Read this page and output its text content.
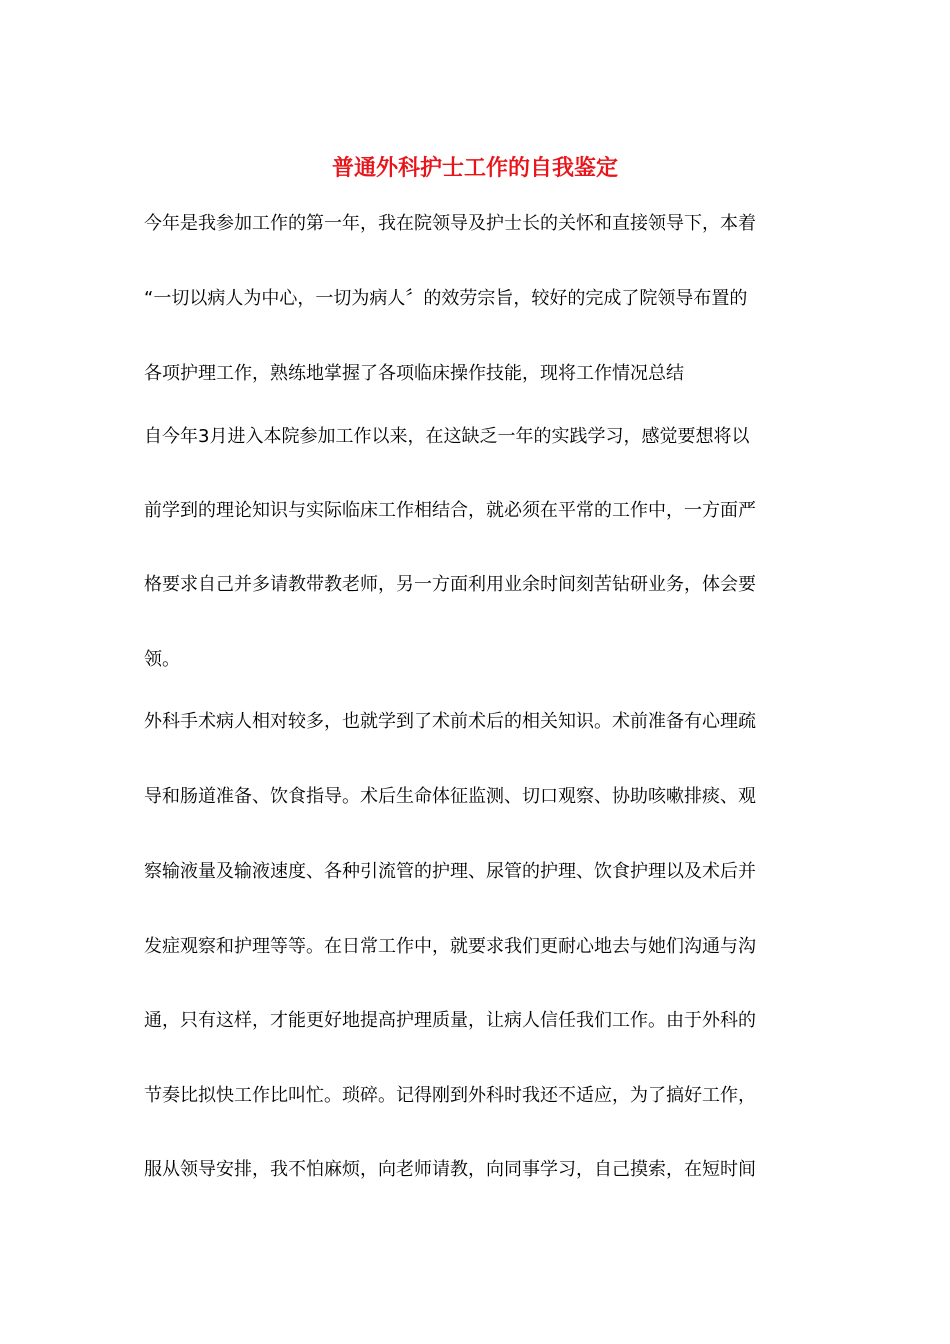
普通外科护士工作的自我鉴定

今年是我参加工作的第一年，我在院领导及护士长的关怀和直接领导下，本着

“一切以病人为中心，一切为病人〞的效劳宗旨，较好的完成了院领导布置的

各项护理工作，熟练地掌握了各项临床操作技能，现将工作情况总结

自今年3月进入本院参加工作以来，在这缺乏一年的实践学习，感觉要想将以

前学到的理论知识与实际临床工作相结合，就必须在平常的工作中，一方面严

格要求自己并多请教带教老师，另一方面利用业余时间刻苦钻研业务，体会要

领。

外科手术病人相对较多，也就学到了术前术后的相关知识。术前准备有心理疏

导和肠道准备、饮食指导。术后生命体征监测、切口观察、协助咳嗽排痰、观

察输液量及输液速度、各种引流管的护理、尿管的护理、饮食护理以及术后并

发症观察和护理等等。在日常工作中，就要求我们更耐心地去与她们沟通与沟

通，只有这样，才能更好地提高护理质量，让病人信任我们工作。由于外科的

节奏比拟快工作比叫忙。琐碎。记得刚到外科时我还不适应，为了搞好工作，

服从领导安排，我不怕麻烦，向老师请教，向同事学习，自己摸索，在短时间
